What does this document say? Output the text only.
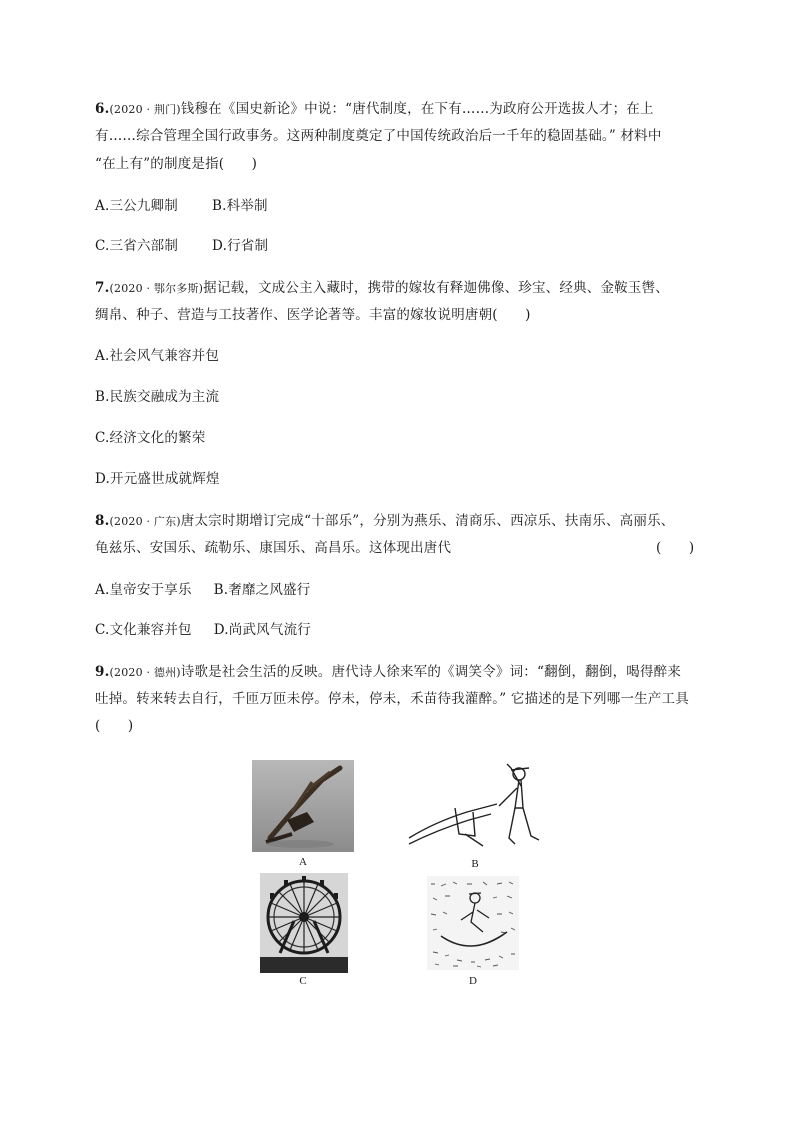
6.(2020 · 荆门)钱穆在《国史新论》中说：“唐代制度，在下有……为政府公开选拔人才；在上
有……综合管理全国行政事务。这两种制度奠定了中国传统政治后一千年的稳固基础。” 材料中
“在上有”的制度是指(　　)
A.三公九卿制	B.科举制
C.三省六部制	D.行省制
7.(2020 · 鄂尔多斯)据记载，文成公主入藏时，携带的嫁妆有释迦佛像、珍宝、经典、金鞍玉辔、
绸帛、种子、营造与工技著作、医学论著等。丰富的嫁妆说明唐朝(　　)
A.社会风气兼容并包
B.民族交融成为主流
C.经济文化的繁荣
D.开元盛世成就辉煌
8.(2020 · 广东)唐太宗时期增订完成“十部乐”，分别为燕乐、清商乐、西凉乐、扶南乐、高丽乐、
龟兹乐、安国乐、疏勒乐、康国乐、高昌乐。这体现出唐代	(　　)
A.皇帝安于享乐 B.奢靡之风盛行
C.文化兼容并包 D.尚武风气流行
9.(2020 · 德州)诗歌是社会生活的反映。唐代诗人徐来军的《调笑令》词：“翻倒，翻倒，喝得醉来
吐掉。转来转去自行，千匝万匝未停。停未，停未，禾苗待我灌醉。” 它描述的是下列哪一生产工具
(　　)
A	B
C	D
